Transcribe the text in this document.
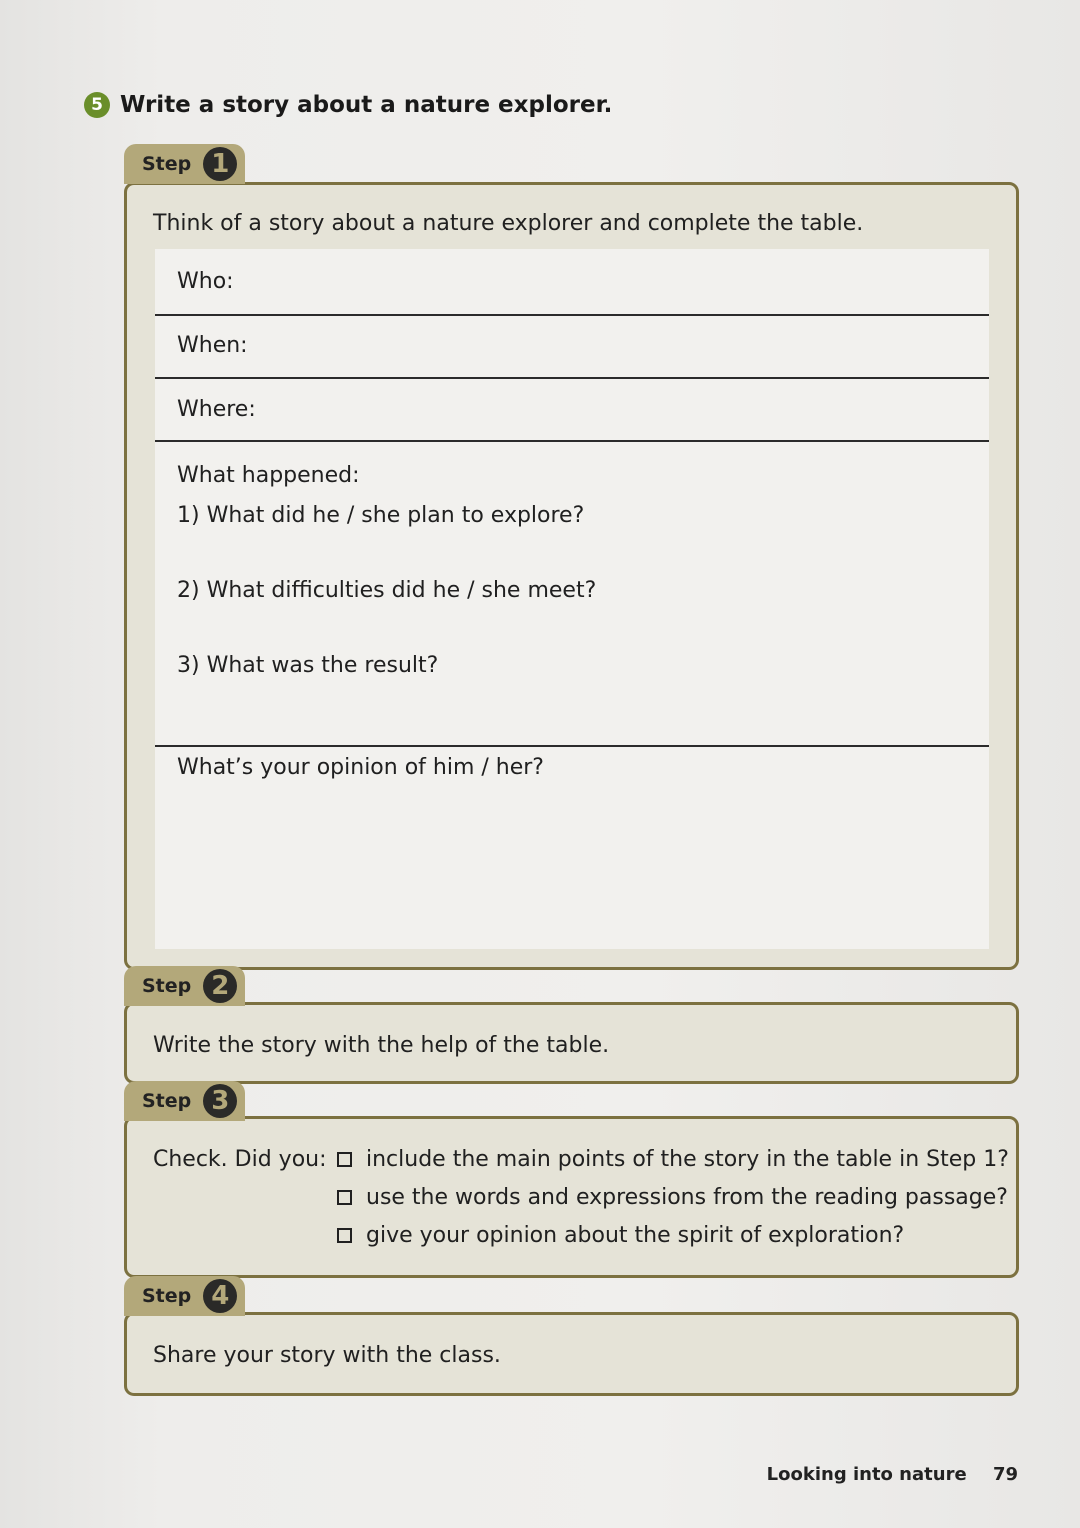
5 Write a story about a nature explorer.
Step 1
Think of a story about a nature explorer and complete the table.
Who:
When:
Where:
What happened:
1) What did he / she plan to explore?
2) What difficulties did he / she meet?
3) What was the result?
What’s your opinion of him / her?
Step 2
Write the story with the help of the table.
Step 3
Check. Did you: include the main points of the story in the table in Step 1?
use the words and expressions from the reading passage?
give your opinion about the spirit of exploration?
Step 4
Share your story with the class.
Looking into nature 79
